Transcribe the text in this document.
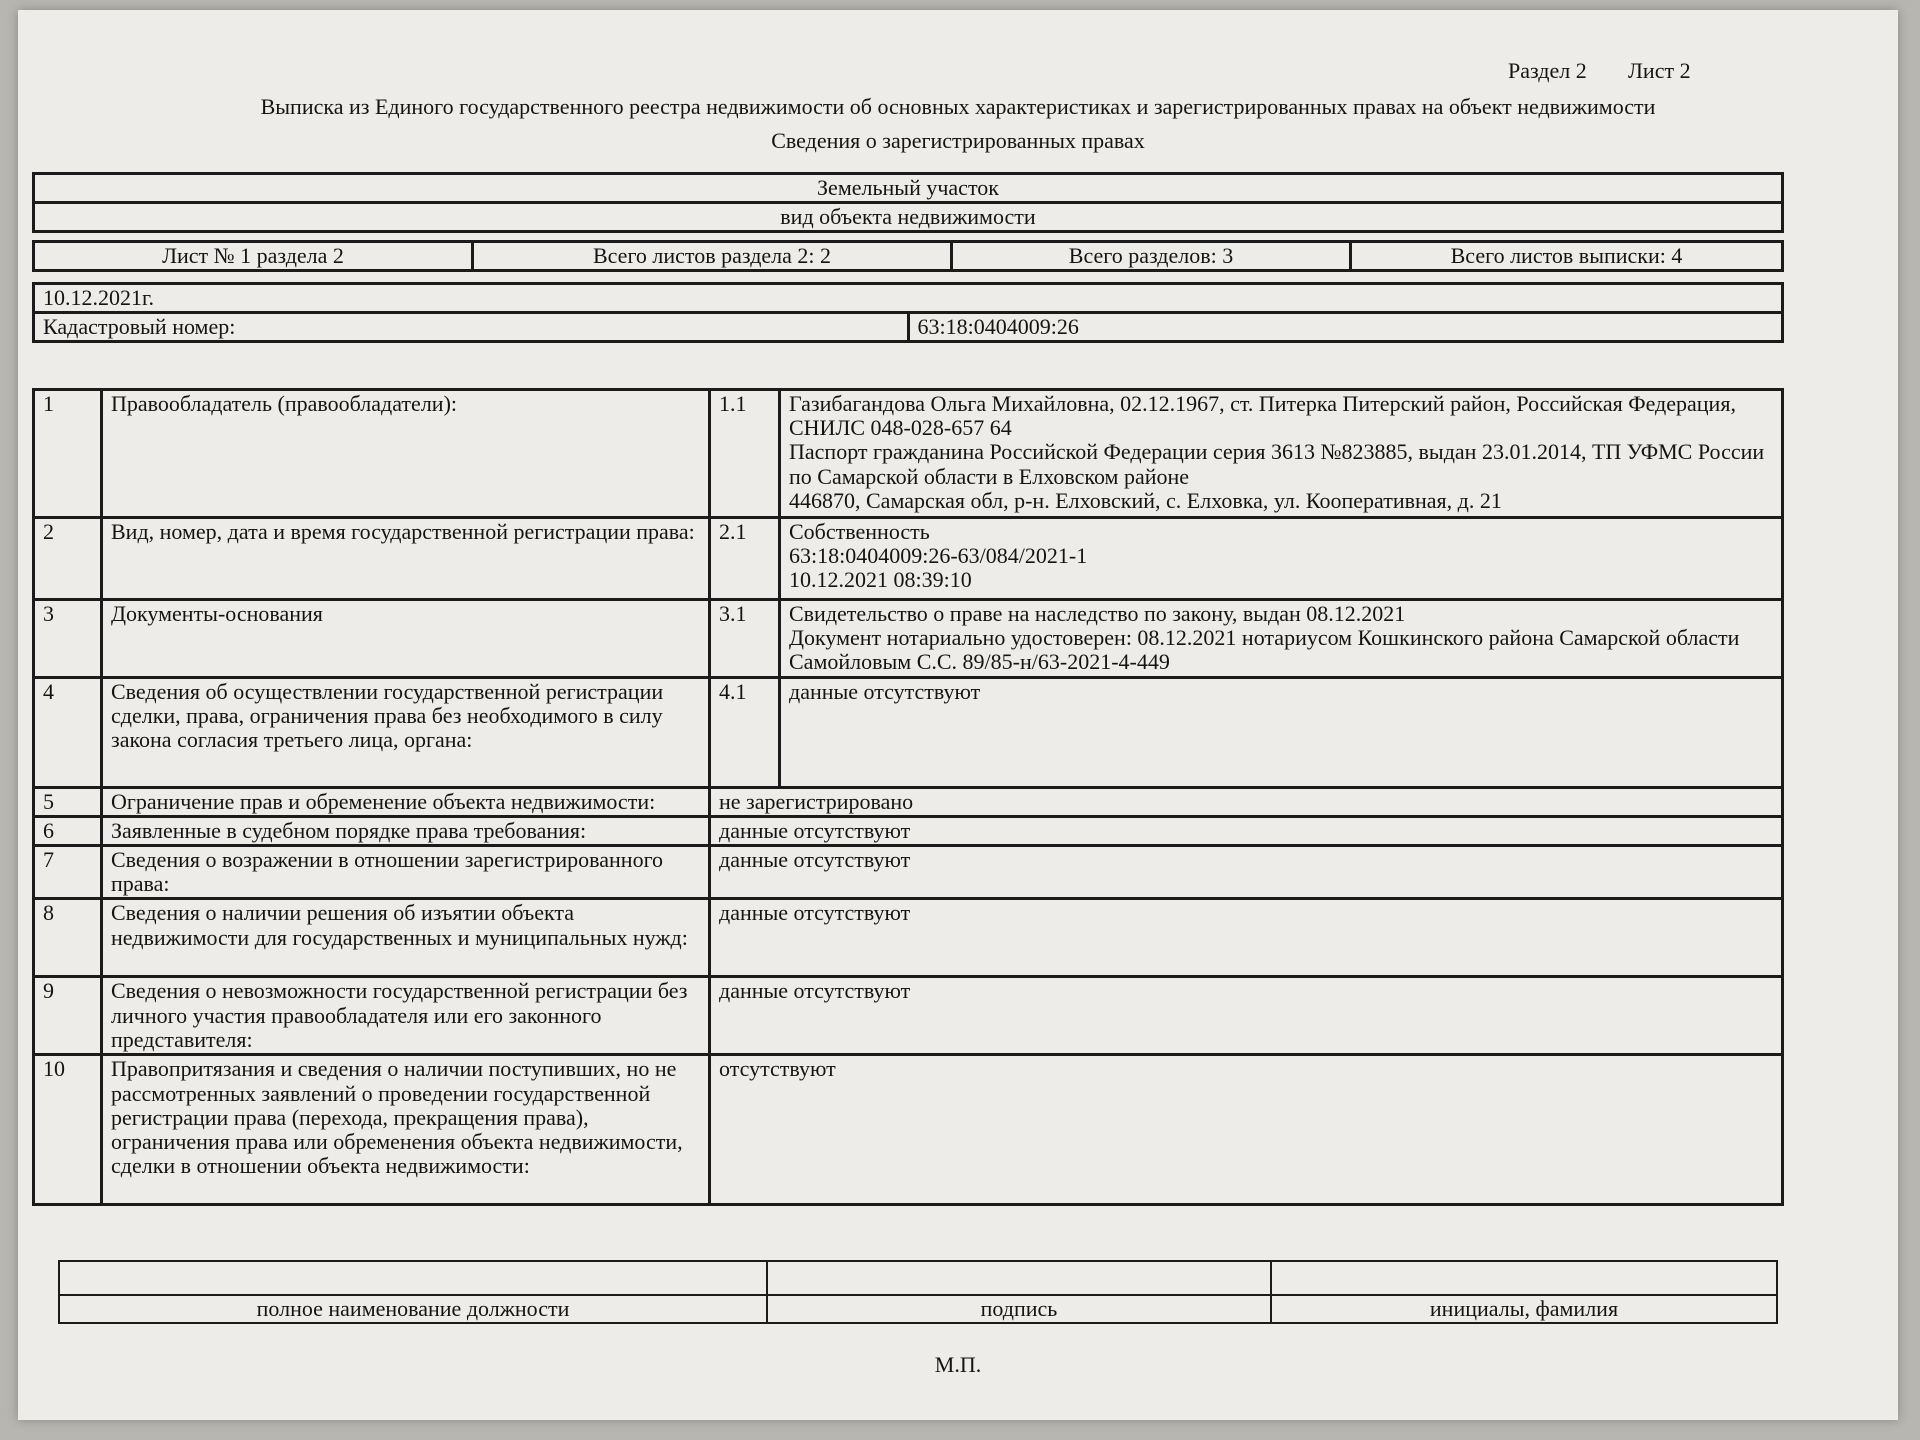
Раздел 2 Лист 2
Выписка из Единого государственного реестра недвижимости об основных характеристиках и зарегистрированных правах на объект недвижимости
Сведения о зарегистрированных правах
Земельный участок
вид объекта недвижимости
Лист № 1 раздела 2	Всего листов раздела 2: 2	Всего разделов: 3	Всего листов выписки: 4
10.12.2021г.
Кадастровый номер:	63:18:0404009:26
1	Правообладатель (правообладатели):	1.1	Газибагандова Ольга Михайловна, 02.12.1967, ст. Питерка Питерский район, Российская Федерация, СНИЛС 048-028-657 64
Паспорт гражданина Российской Федерации серия 3613 №823885, выдан 23.01.2014, ТП УФМС России по Самарской области в Елховском районе
446870, Самарская обл, р-н. Елховский, с. Елховка, ул. Кооперативная, д. 21

2	Вид, номер, дата и время государственной регистрации права:	2.1	Собственность
63:18:0404009:26-63/084/2021-1
10.12.2021 08:39:10

3	Документы-основания	3.1	Свидетельство о праве на наследство по закону, выдан 08.12.2021
Документ нотариально удостоверен: 08.12.2021 нотариусом Кошкинского района Самарской области Самойловым С.С. 89/85-н/63-2021-4-449

4	Сведения об осуществлении государственной регистрации сделки, права, ограничения права без необходимого в силу закона согласия третьего лица, органа:	4.1	данные отсутствуют
5	Ограничение прав и обременение объекта недвижимости:	не зарегистрировано	
6	Заявленные в судебном порядке права требования:	данные отсутствуют	
7	Сведения о возражении в отношении зарегистрированного права:	данные отсутствуют	
8	Сведения о наличии решения об изъятии объекта недвижимости для государственных и муниципальных нужд:	данные отсутствуют	
9	Сведения о невозможности государственной регистрации без личного участия правообладателя или его законного представителя:	данные отсутствуют	
10	Правопритязания и сведения о наличии поступивших, но не рассмотренных заявлений о проведении государственной регистрации права (перехода, прекращения права), ограничения права или обременения объекта недвижимости, сделки в отношении объекта недвижимости:	отсутствуют	

полное наименование должности	подпись	инициалы, фамилия
М.П.
